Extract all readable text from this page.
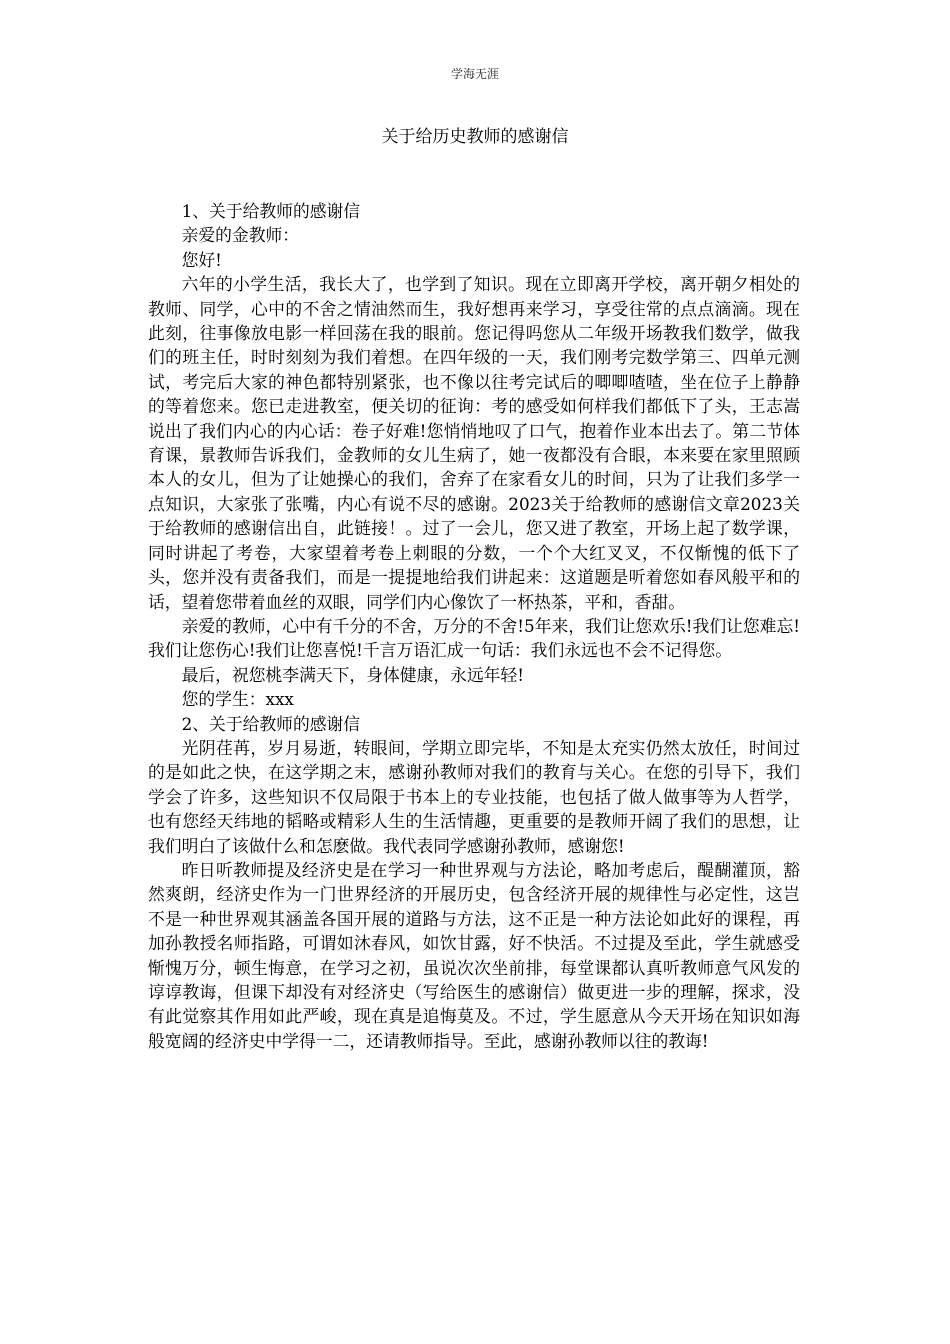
学海无涯
关于给历史教师的感谢信

1、关于给教师的感谢信

亲爱的金教师：

您好!

六年的小学生活，我长大了，也学到了知识。现在立即离开学校，离开朝夕相处的教师、同学，心中的不舍之情油然而生，我好想再来学习，享受往常的点点滴滴。现在此刻，往事像放电影一样回荡在我的眼前。您记得吗您从二年级开场教我们数学，做我们的班主任，时时刻刻为我们着想。在四年级的一天，我们刚考完数学第三、四单元测试，考完后大家的神色都特别紧张，也不像以往考完试后的唧唧喳喳，坐在位子上静静的等着您来。您已走进教室，便关切的征询：考的感受如何样我们都低下了头，王志嵩说出了我们内心的内心话：卷子好难!您悄悄地叹了口气，抱着作业本出去了。第二节体育课，景教师告诉我们，金教师的女儿生病了，她一夜都没有合眼，本来要在家里照顾本人的女儿，但为了让她操心的我们，舍弃了在家看女儿的时间，只为了让我们多学一点知识，大家张了张嘴，内心有说不尽的感谢。2023关于给教师的感谢信文章2023关于给教师的感谢信出自，此链接！。过了一会儿，您又进了教室，开场上起了数学课，同时讲起了考卷，大家望着考卷上刺眼的分数，一个个大红叉叉，不仅惭愧的低下了头，您并没有责备我们，而是一提提地给我们讲起来：这道题是听着您如春风般平和的话，望着您带着血丝的双眼，同学们内心像饮了一杯热茶，平和，香甜。

亲爱的教师，心中有千分的不舍，万分的不舍!5年来，我们让您欢乐!我们让您难忘!我们让您伤心!我们让您喜悦!千言万语汇成一句话：我们永远也不会不记得您。

最后，祝您桃李满天下，身体健康，永远年轻!

您的学生：xxx

2、关于给教师的感谢信

光阴荏苒，岁月易逝，转眼间，学期立即完毕，不知是太充实仍然太放任，时间过的是如此之快，在这学期之末，感谢孙教师对我们的教育与关心。在您的引导下，我们学会了许多，这些知识不仅局限于书本上的专业技能，也包括了做人做事等为人哲学，也有您经天纬地的韬略或精彩人生的生活情趣，更重要的是教师开阔了我们的思想，让我们明白了该做什么和怎麽做。我代表同学感谢孙教师，感谢您!

昨日听教师提及经济史是在学习一种世界观与方法论，略加考虑后，醍醐灌顶，豁然爽朗，经济史作为一门世界经济的开展历史，包含经济开展的规律性与必定性，这岂不是一种世界观其涵盖各国开展的道路与方法，这不正是一种方法论如此好的课程，再加孙教授名师指路，可谓如沐春风，如饮甘露，好不快活。不过提及至此，学生就感受惭愧万分，顿生悔意，在学习之初，虽说次次坐前排，每堂课都认真听教师意气风发的谆谆教诲，但课下却没有对经济史（写给医生的感谢信）做更进一步的理解，探求，没有此觉察其作用如此严峻，现在真是追悔莫及。不过，学生愿意从今天开场在知识如海般宽阔的经济史中学得一二，还请教师指导。至此，感谢孙教师以往的教诲!
